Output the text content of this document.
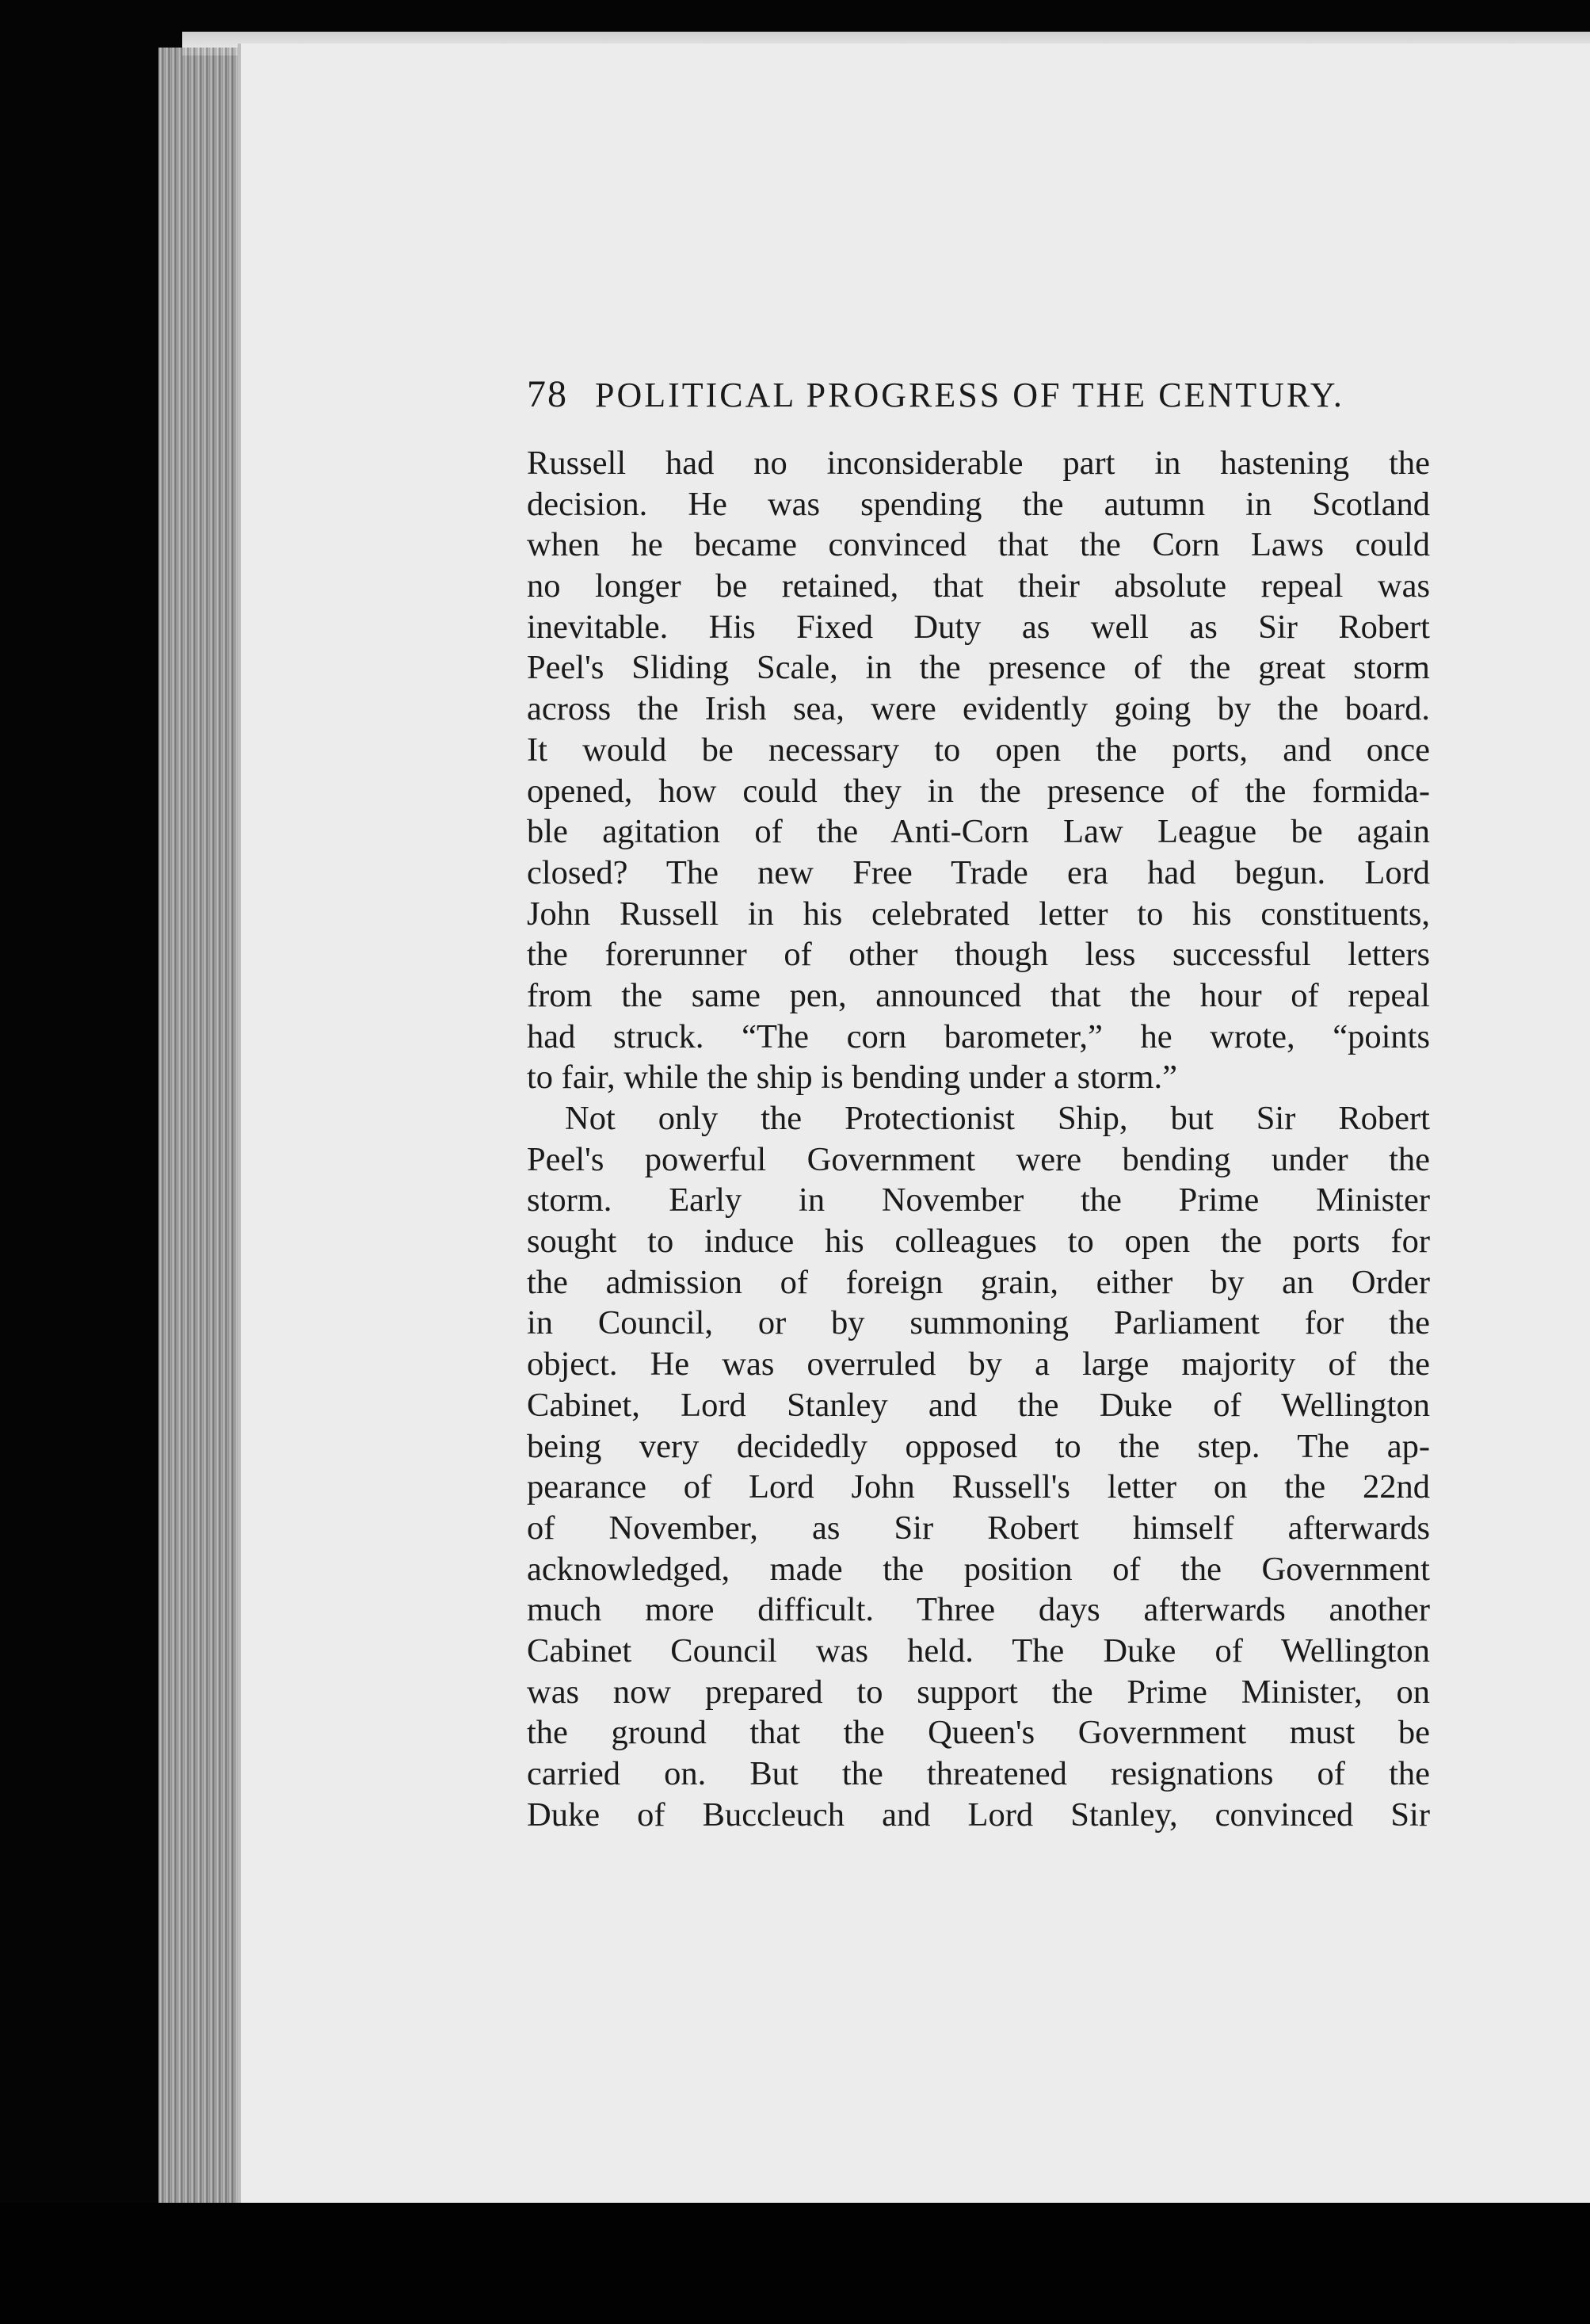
78 POLITICAL PROGRESS OF THE CENTURY.
Russell had no inconsiderable part in hastening the
decision. He was spending the autumn in Scotland
when he became convinced that the Corn Laws could
no longer be retained, that their absolute repeal was
inevitable. His Fixed Duty as well as Sir Robert
Peel's Sliding Scale, in the presence of the great storm
across the Irish sea, were evidently going by the board.
It would be necessary to open the ports, and once
opened, how could they in the presence of the formida-
ble agitation of the Anti-Corn Law League be again
closed? The new Free Trade era had begun. Lord
John Russell in his celebrated letter to his constituents,
the forerunner of other though less successful letters
from the same pen, announced that the hour of repeal
had struck. “The corn barometer,” he wrote, “points
to fair, while the ship is bending under a storm.”
Not only the Protectionist Ship, but Sir Robert
Peel's powerful Government were bending under the
storm. Early in November the Prime Minister
sought to induce his colleagues to open the ports for
the admission of foreign grain, either by an Order
in Council, or by summoning Parliament for the
object. He was overruled by a large majority of the
Cabinet, Lord Stanley and the Duke of Wellington
being very decidedly opposed to the step. The ap-
pearance of Lord John Russell's letter on the 22nd
of November, as Sir Robert himself afterwards
acknowledged, made the position of the Government
much more difficult. Three days afterwards another
Cabinet Council was held. The Duke of Wellington
was now prepared to support the Prime Minister, on
the ground that the Queen's Government must be
carried on. But the threatened resignations of the
Duke of Buccleuch and Lord Stanley, convinced Sir
